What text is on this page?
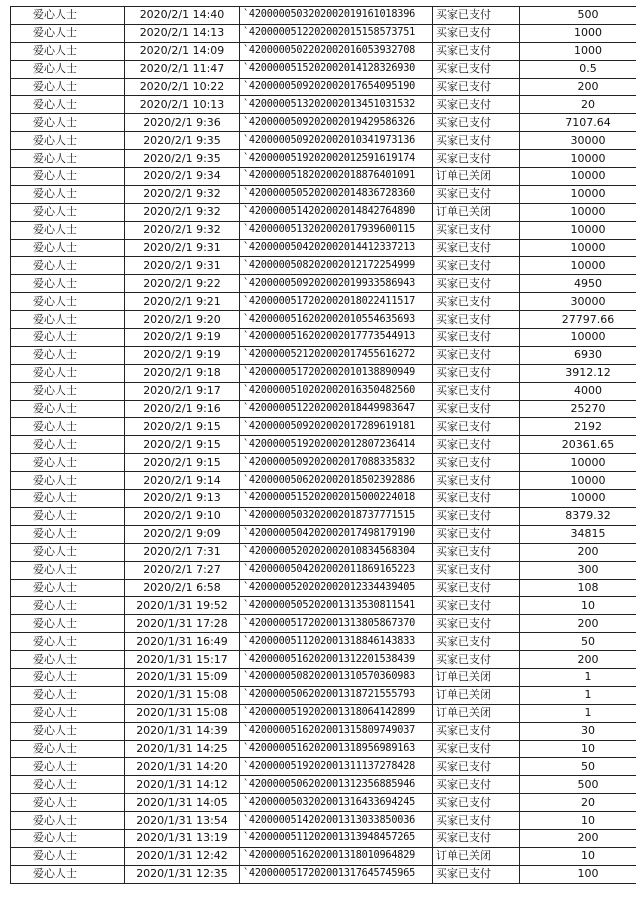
爱心人士	2020/2/1 14:40	`4200000503202002019161018396	买家已支付	500
爱心人士	2020/2/1 14:13	`4200000512202002015158573751	买家已支付	1000
爱心人士	2020/2/1 14:09	`4200000502202002016053932708	买家已支付	1000
爱心人士	2020/2/1 11:47	`4200000515202002014128326930	买家已支付	0.5
爱心人士	2020/2/1 10:22	`4200000509202002017654095190	买家已支付	200
爱心人士	2020/2/1 10:13	`4200000513202002013451031532	买家已支付	20
爱心人士	2020/2/1 9:36	`4200000509202002019429586326	买家已支付	7107.64
爱心人士	2020/2/1 9:35	`4200000509202002010341973136	买家已支付	30000
爱心人士	2020/2/1 9:35	`4200000519202002012591619174	买家已支付	10000
爱心人士	2020/2/1 9:34	`4200000518202002018876401091	订单已关闭	10000
爱心人士	2020/2/1 9:32	`4200000505202002014836728360	买家已支付	10000
爱心人士	2020/2/1 9:32	`4200000514202002014842764890	订单已关闭	10000
爱心人士	2020/2/1 9:32	`4200000513202002017939600115	买家已支付	10000
爱心人士	2020/2/1 9:31	`4200000504202002014412337213	买家已支付	10000
爱心人士	2020/2/1 9:31	`4200000508202002012172254999	买家已支付	10000
爱心人士	2020/2/1 9:22	`4200000509202002019933586943	买家已支付	4950
爱心人士	2020/2/1 9:21	`4200000517202002018022411517	买家已支付	30000
爱心人士	2020/2/1 9:20	`4200000516202002010554635693	买家已支付	27797.66
爱心人士	2020/2/1 9:19	`4200000516202002017773544913	买家已支付	10000
爱心人士	2020/2/1 9:19	`4200000521202002017455616272	买家已支付	6930
爱心人士	2020/2/1 9:18	`4200000517202002010138890949	买家已支付	3912.12
爱心人士	2020/2/1 9:17	`4200000510202002016350482560	买家已支付	4000
爱心人士	2020/2/1 9:16	`4200000512202002018449983647	买家已支付	25270
爱心人士	2020/2/1 9:15	`4200000509202002017289619181	买家已支付	2192
爱心人士	2020/2/1 9:15	`4200000519202002012807236414	买家已支付	20361.65
爱心人士	2020/2/1 9:15	`4200000509202002017088335832	买家已支付	10000
爱心人士	2020/2/1 9:14	`4200000506202002018502392886	买家已支付	10000
爱心人士	2020/2/1 9:13	`4200000515202002015000224018	买家已支付	10000
爱心人士	2020/2/1 9:10	`4200000503202002018737771515	买家已支付	8379.32
爱心人士	2020/2/1 9:09	`4200000504202002017498179190	买家已支付	34815
爱心人士	2020/2/1 7:31	`4200000520202002010834568304	买家已支付	200
爱心人士	2020/2/1 7:27	`4200000504202002011869165223	买家已支付	300
爱心人士	2020/2/1 6:58	`4200000520202002012334439405	买家已支付	108
爱心人士	2020/1/31 19:52	`4200000505202001313530811541	买家已支付	10
爱心人士	2020/1/31 17:28	`4200000517202001313805867370	买家已支付	200
爱心人士	2020/1/31 16:49	`4200000511202001318846143833	买家已支付	50
爱心人士	2020/1/31 15:17	`4200000516202001312201538439	买家已支付	200
爱心人士	2020/1/31 15:09	`4200000508202001310570360983	订单已关闭	1
爱心人士	2020/1/31 15:08	`4200000506202001318721555793	订单已关闭	1
爱心人士	2020/1/31 15:08	`4200000519202001318064142899	订单已关闭	1
爱心人士	2020/1/31 14:39	`4200000516202001315809749037	买家已支付	30
爱心人士	2020/1/31 14:25	`4200000516202001318956989163	买家已支付	10
爱心人士	2020/1/31 14:20	`4200000519202001311137278428	买家已支付	50
爱心人士	2020/1/31 14:12	`4200000506202001312356885946	买家已支付	500
爱心人士	2020/1/31 14:05	`4200000503202001316433694245	买家已支付	20
爱心人士	2020/1/31 13:54	`4200000514202001313033850036	买家已支付	10
爱心人士	2020/1/31 13:19	`4200000511202001313948457265	买家已支付	200
爱心人士	2020/1/31 12:42	`4200000516202001318010964829	订单已关闭	10
爱心人士	2020/1/31 12:35	`4200000517202001317645745965	买家已支付	100
